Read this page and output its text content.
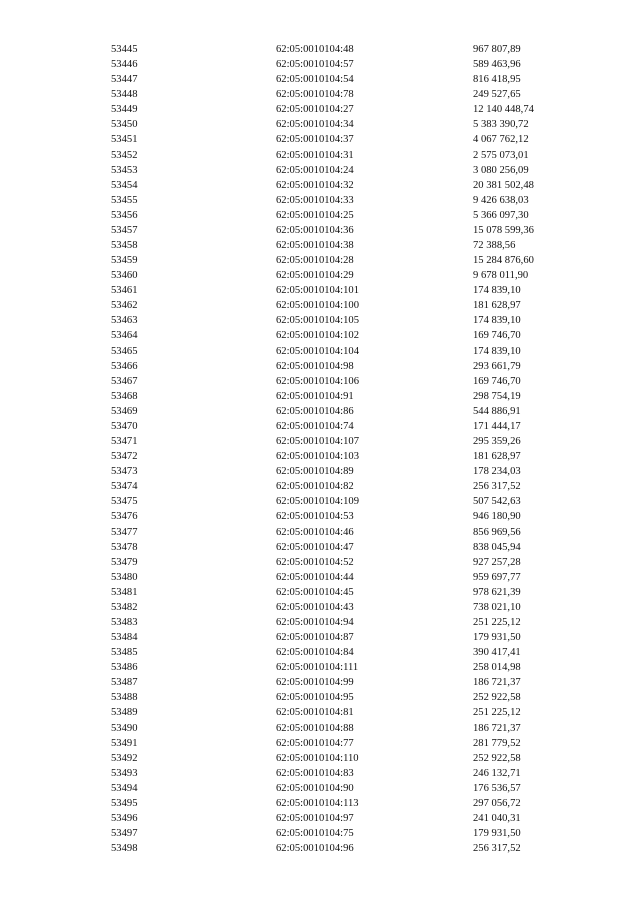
53445	62:05:0010104:48	967 807,89
53446	62:05:0010104:57	589 463,96
53447	62:05:0010104:54	816 418,95
53448	62:05:0010104:78	249 527,65
53449	62:05:0010104:27	12 140 448,74
53450	62:05:0010104:34	5 383 390,72
53451	62:05:0010104:37	4 067 762,12
53452	62:05:0010104:31	2 575 073,01
53453	62:05:0010104:24	3 080 256,09
53454	62:05:0010104:32	20 381 502,48
53455	62:05:0010104:33	9 426 638,03
53456	62:05:0010104:25	5 366 097,30
53457	62:05:0010104:36	15 078 599,36
53458	62:05:0010104:38	72 388,56
53459	62:05:0010104:28	15 284 876,60
53460	62:05:0010104:29	9 678 011,90
53461	62:05:0010104:101	174 839,10
53462	62:05:0010104:100	181 628,97
53463	62:05:0010104:105	174 839,10
53464	62:05:0010104:102	169 746,70
53465	62:05:0010104:104	174 839,10
53466	62:05:0010104:98	293 661,79
53467	62:05:0010104:106	169 746,70
53468	62:05:0010104:91	298 754,19
53469	62:05:0010104:86	544 886,91
53470	62:05:0010104:74	171 444,17
53471	62:05:0010104:107	295 359,26
53472	62:05:0010104:103	181 628,97
53473	62:05:0010104:89	178 234,03
53474	62:05:0010104:82	256 317,52
53475	62:05:0010104:109	507 542,63
53476	62:05:0010104:53	946 180,90
53477	62:05:0010104:46	856 969,56
53478	62:05:0010104:47	838 045,94
53479	62:05:0010104:52	927 257,28
53480	62:05:0010104:44	959 697,77
53481	62:05:0010104:45	978 621,39
53482	62:05:0010104:43	738 021,10
53483	62:05:0010104:94	251 225,12
53484	62:05:0010104:87	179 931,50
53485	62:05:0010104:84	390 417,41
53486	62:05:0010104:111	258 014,98
53487	62:05:0010104:99	186 721,37
53488	62:05:0010104:95	252 922,58
53489	62:05:0010104:81	251 225,12
53490	62:05:0010104:88	186 721,37
53491	62:05:0010104:77	281 779,52
53492	62:05:0010104:110	252 922,58
53493	62:05:0010104:83	246 132,71
53494	62:05:0010104:90	176 536,57
53495	62:05:0010104:113	297 056,72
53496	62:05:0010104:97	241 040,31
53497	62:05:0010104:75	179 931,50
53498	62:05:0010104:96	256 317,52
